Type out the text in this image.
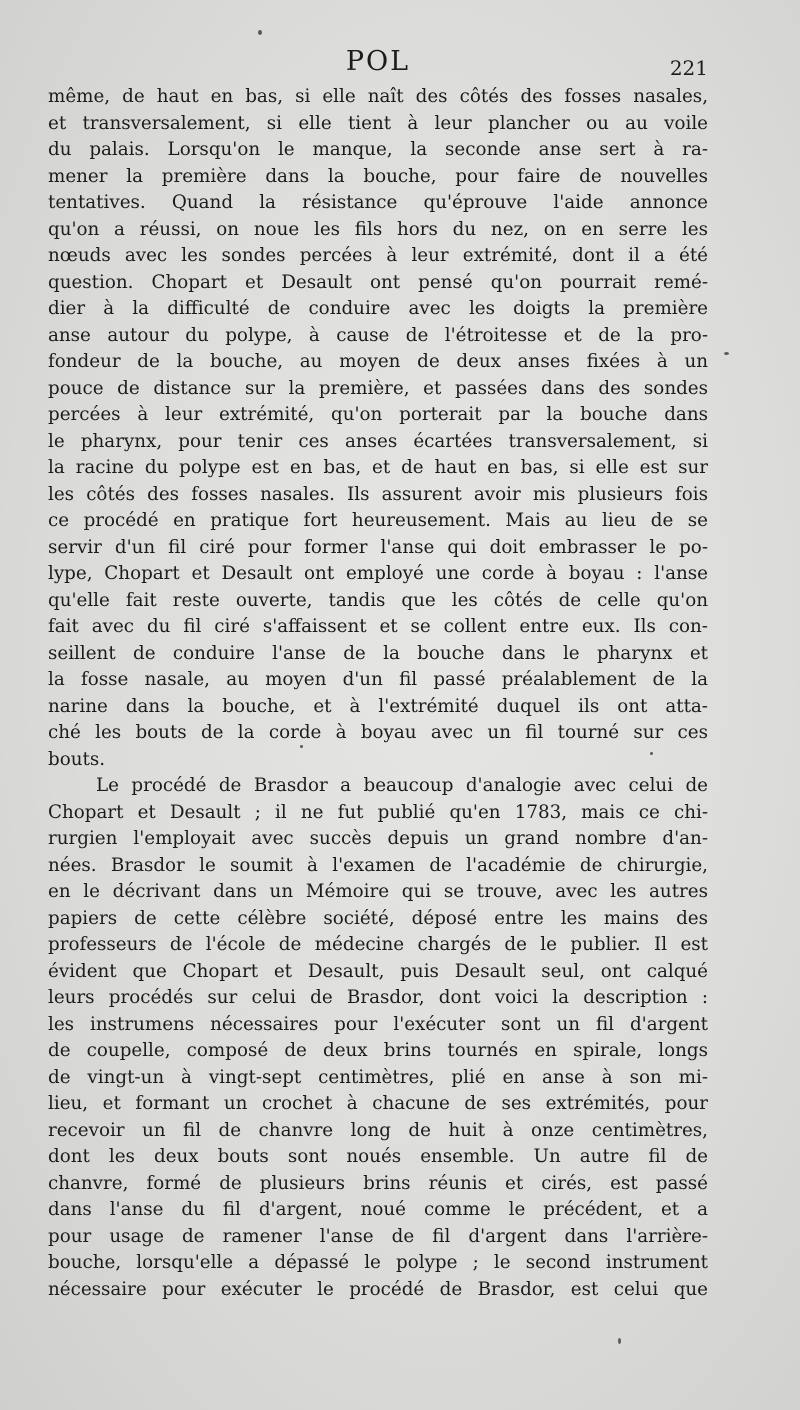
POL	221
même, de haut en bas, si elle naît des côtés des fosses nasales,
et transversalement, si elle tient à leur plancher ou au voile
du palais. Lorsqu'on le manque, la seconde anse sert à ra-
mener la première dans la bouche, pour faire de nouvelles
tentatives. Quand la résistance qu'éprouve l'aide annonce
qu'on a réussi, on noue les fils hors du nez, on en serre les
nœuds avec les sondes percées à leur extrémité, dont il a été
question. Chopart et Desault ont pensé qu'on pourrait remé-
dier à la difficulté de conduire avec les doigts la première
anse autour du polype, à cause de l'étroitesse et de la pro-
fondeur de la bouche, au moyen de deux anses fixées à un
pouce de distance sur la première, et passées dans des sondes
percées à leur extrémité, qu'on porterait par la bouche dans
le pharynx, pour tenir ces anses écartées transversalement, si
la racine du polype est en bas, et de haut en bas, si elle est sur
les côtés des fosses nasales. Ils assurent avoir mis plusieurs fois
ce procédé en pratique fort heureusement. Mais au lieu de se
servir d'un fil ciré pour former l'anse qui doit embrasser le po-
lype, Chopart et Desault ont employé une corde à boyau : l'anse
qu'elle fait reste ouverte, tandis que les côtés de celle qu'on
fait avec du fil ciré s'affaissent et se collent entre eux. Ils con-
seillent de conduire l'anse de la bouche dans le pharynx et
la fosse nasale, au moyen d'un fil passé préalablement de la
narine dans la bouche, et à l'extrémité duquel ils ont atta-
ché les bouts de la corde à boyau avec un fil tourné sur ces
bouts.
Le procédé de Brasdor a beaucoup d'analogie avec celui de
Chopart et Desault ; il ne fut publié qu'en 1783, mais ce chi-
rurgien l'employait avec succès depuis un grand nombre d'an-
nées. Brasdor le soumit à l'examen de l'académie de chirurgie,
en le décrivant dans un Mémoire qui se trouve, avec les autres
papiers de cette célèbre société, déposé entre les mains des
professeurs de l'école de médecine chargés de le publier. Il est
évident que Chopart et Desault, puis Desault seul, ont calqué
leurs procédés sur celui de Brasdor, dont voici la description :
les instrumens nécessaires pour l'exécuter sont un fil d'argent
de coupelle, composé de deux brins tournés en spirale, longs
de vingt-un à vingt-sept centimètres, plié en anse à son mi-
lieu, et formant un crochet à chacune de ses extrémités, pour
recevoir un fil de chanvre long de huit à onze centimètres,
dont les deux bouts sont noués ensemble. Un autre fil de
chanvre, formé de plusieurs brins réunis et cirés, est passé
dans l'anse du fil d'argent, noué comme le précédent, et a
pour usage de ramener l'anse de fil d'argent dans l'arrière-
bouche, lorsqu'elle a dépassé le polype ; le second instrument
nécessaire pour exécuter le procédé de Brasdor, est celui que
